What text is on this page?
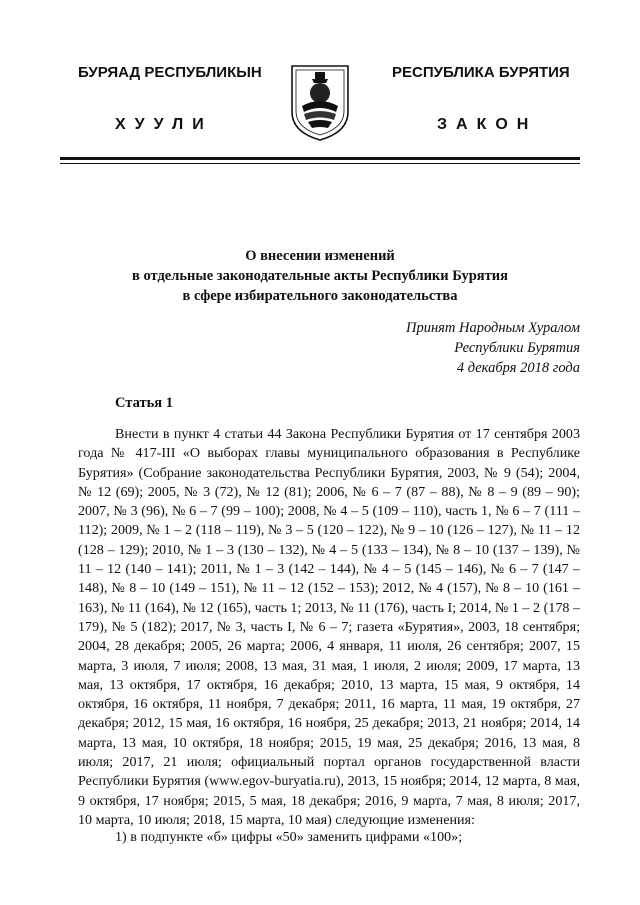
БУРЯАД РЕСПУБЛИКЫН
ХУУЛИ
РЕСПУБЛИКА БУРЯТИЯ
ЗАКОН
О внесении изменений
в отдельные законодательные акты Республики Бурятия
в сфере избирательного законодательства
Принят Народным Хуралом
Республики Бурятия
4 декабря 2018 года
Статья 1

Внести в пункт 4 статьи 44 Закона Республики Бурятия от 17 сентября 2003 года № 417-III «О выборах главы муниципального образования в Республике Бурятия» (Собрание законодательства Республики Бурятия, 2003, № 9 (54); 2004, № 12 (69); 2005, № 3 (72), № 12 (81); 2006, № 6 – 7 (87 – 88), № 8 – 9 (89 – 90); 2007, № 3 (96), № 6 – 7 (99 – 100); 2008, № 4 – 5 (109 – 110), часть 1, № 6 – 7 (111 – 112); 2009, № 1 – 2 (118 – 119), № 3 – 5 (120 – 122), № 9 – 10 (126 – 127), № 11 – 12 (128 – 129); 2010, № 1 – 3 (130 – 132), № 4 – 5 (133 – 134), № 8 – 10 (137 – 139), № 11 – 12 (140 – 141); 2011, № 1 – 3 (142 – 144), № 4 – 5 (145 – 146), № 6 – 7 (147 – 148), № 8 – 10 (149 – 151), № 11 – 12 (152 – 153); 2012, № 4 (157), № 8 – 10 (161 – 163), № 11 (164), № 12 (165), часть 1; 2013, № 11 (176), часть I; 2014, № 1 – 2 (178 – 179), № 5 (182); 2017, № 3, часть I, № 6 – 7; газета «Бурятия», 2003, 18 сентября; 2004, 28 декабря; 2005, 26 марта; 2006, 4 января, 11 июля, 26 сентября; 2007, 15 марта, 3 июля, 7 июля; 2008, 13 мая, 31 мая, 1 июля, 2 июля; 2009, 17 марта, 13 мая, 13 октября, 17 октября, 16 декабря; 2010, 13 марта, 15 мая, 9 октября, 14 октября, 16 октября, 11 ноября, 7 декабря; 2011, 16 марта, 11 мая, 19 октября, 27 декабря; 2012, 15 мая, 16 октября, 16 ноября, 25 декабря; 2013, 21 ноября; 2014, 14 марта, 13 мая, 10 октября, 18 ноября; 2015, 19 мая, 25 декабря; 2016, 13 мая, 8 июля; 2017, 21 июля; официальный портал органов государственной власти Республики Бурятия (www.egov-buryatia.ru), 2013, 15 ноября; 2014, 12 марта, 8 мая, 9 октября, 17 ноября; 2015, 5 мая, 18 декабря; 2016, 9 марта, 7 мая, 8 июля; 2017, 10 марта, 10 июля; 2018, 15 марта, 10 мая) следующие изменения:

1) в подпункте «б» цифры «50» заменить цифрами «100»;
